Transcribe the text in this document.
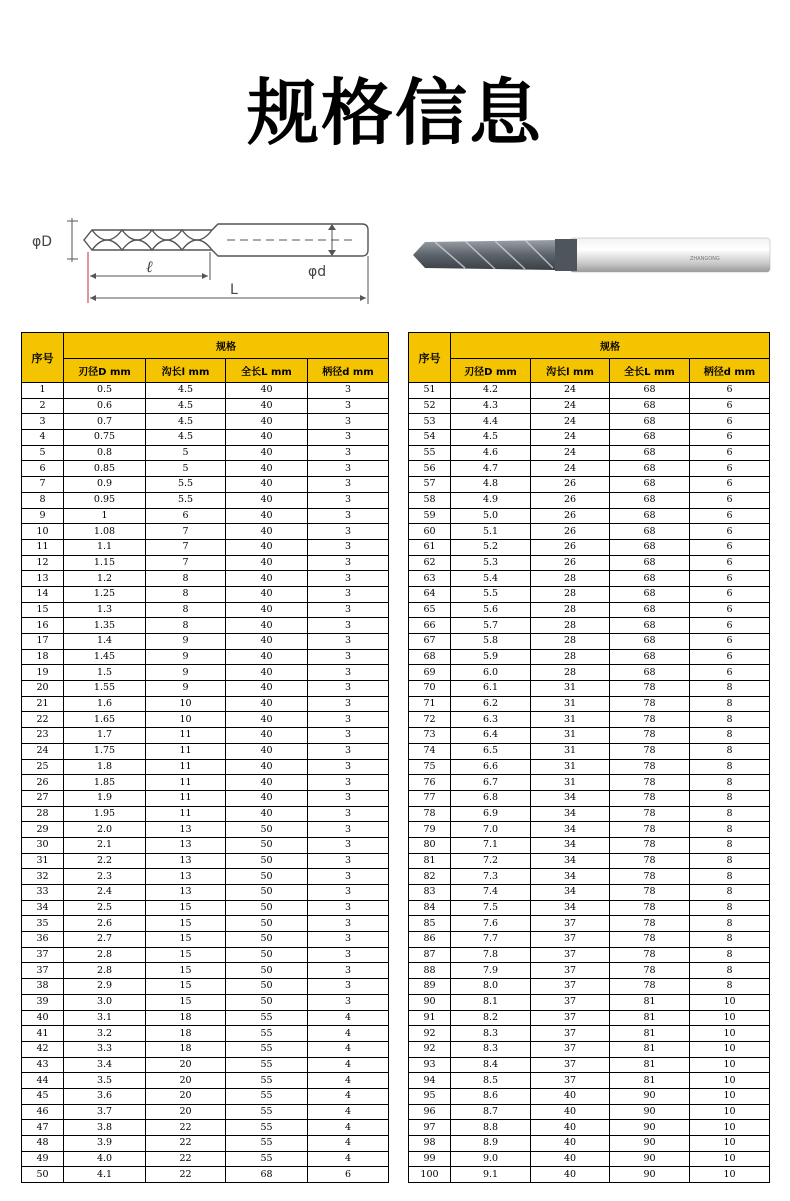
规格信息
φD
φd
ℓ
L
ZHANGONG
序号	规格			
	刃径D mm	沟长l mm	全长L mm	柄径d mm
1	0.5	4.5	40	3
2	0.6	4.5	40	3
3	0.7	4.5	40	3
4	0.75	4.5	40	3
5	0.8	5	40	3
6	0.85	5	40	3
7	0.9	5.5	40	3
8	0.95	5.5	40	3
9	1	6	40	3
10	1.08	7	40	3
11	1.1	7	40	3
12	1.15	7	40	3
13	1.2	8	40	3
14	1.25	8	40	3
15	1.3	8	40	3
16	1.35	8	40	3
17	1.4	9	40	3
18	1.45	9	40	3
19	1.5	9	40	3
20	1.55	9	40	3
21	1.6	10	40	3
22	1.65	10	40	3
23	1.7	11	40	3
24	1.75	11	40	3
25	1.8	11	40	3
26	1.85	11	40	3
27	1.9	11	40	3
28	1.95	11	40	3
29	2.0	13	50	3
30	2.1	13	50	3
31	2.2	13	50	3
32	2.3	13	50	3
33	2.4	13	50	3
34	2.5	15	50	3
35	2.6	15	50	3
36	2.7	15	50	3
37	2.8	15	50	3
37	2.8	15	50	3
38	2.9	15	50	3
39	3.0	15	50	3
40	3.1	18	55	4
41	3.2	18	55	4
42	3.3	18	55	4
43	3.4	20	55	4
44	3.5	20	55	4
45	3.6	20	55	4
46	3.7	20	55	4
47	3.8	22	55	4
48	3.9	22	55	4
49	4.0	22	55	4
50	4.1	22	68	6
序号	规格			
	刃径D mm	沟长l mm	全长L mm	柄径d mm
51	4.2	24	68	6
52	4.3	24	68	6
53	4.4	24	68	6
54	4.5	24	68	6
55	4.6	24	68	6
56	4.7	24	68	6
57	4.8	26	68	6
58	4.9	26	68	6
59	5.0	26	68	6
60	5.1	26	68	6
61	5.2	26	68	6
62	5.3	26	68	6
63	5.4	28	68	6
64	5.5	28	68	6
65	5.6	28	68	6
66	5.7	28	68	6
67	5.8	28	68	6
68	5.9	28	68	6
69	6.0	28	68	6
70	6.1	31	78	8
71	6.2	31	78	8
72	6.3	31	78	8
73	6.4	31	78	8
74	6.5	31	78	8
75	6.6	31	78	8
76	6.7	31	78	8
77	6.8	34	78	8
78	6.9	34	78	8
79	7.0	34	78	8
80	7.1	34	78	8
81	7.2	34	78	8
82	7.3	34	78	8
83	7.4	34	78	8
84	7.5	34	78	8
85	7.6	37	78	8
86	7.7	37	78	8
87	7.8	37	78	8
88	7.9	37	78	8
89	8.0	37	78	8
90	8.1	37	81	10
91	8.2	37	81	10
92	8.3	37	81	10
92	8.3	37	81	10
93	8.4	37	81	10
94	8.5	37	81	10
95	8.6	40	90	10
96	8.7	40	90	10
97	8.8	40	90	10
98	8.9	40	90	10
99	9.0	40	90	10
100	9.1	40	90	10
